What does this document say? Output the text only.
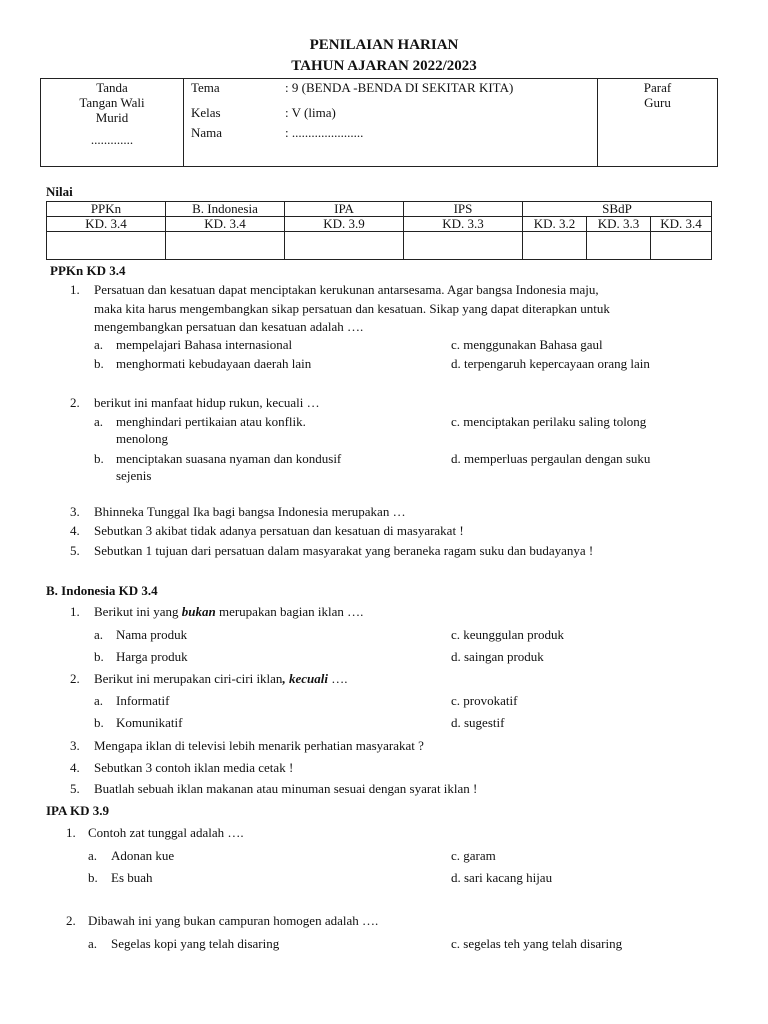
PENILAIAN HARIAN
TAHUN AJARAN 2022/2023
Tanda
Tangan Wali
Murid
.............

Tema	: 9 (BENDA -BENDA DI SEKITAR KITA)
Kelas	: V (lima)
Nama	: ......................

Paraf
Guru
Nilai
PPKn	B. Indonesia	IPA	IPS	SBdP		
KD. 3.4	KD. 3.4	KD. 3.9	KD. 3.3	KD. 3.2	KD. 3.3	KD. 3.4

PPKn KD 3.4
1. Persatuan dan kesatuan dapat menciptakan kerukunan antarsesama. Agar bangsa Indonesia maju,
maka kita harus mengembangkan sikap persatuan dan kesatuan. Sikap yang dapat diterapkan untuk
mengembangkan persatuan dan kesatuan adalah ….
a. mempelajari Bahasa internasional	c. menggunakan Bahasa gaul
b. menghormati kebudayaan daerah lain	d. terpengaruh kepercayaan orang lain
2. berikut ini manfaat hidup rukun, kecuali …
a. menghindari pertikaian atau konflik.	c. menciptakan perilaku saling tolong
menolong
b. menciptakan suasana nyaman dan kondusif	d. memperluas pergaulan dengan suku
sejenis
3. Bhinneka Tunggal Ika bagi bangsa Indonesia merupakan …
4. Sebutkan 3 akibat tidak adanya persatuan dan kesatuan di masyarakat !
5. Sebutkan 1 tujuan dari persatuan dalam masyarakat yang beraneka ragam suku dan budayanya !
B. Indonesia KD 3.4
1. Berikut ini yang bukan merupakan bagian iklan ….
a. Nama produk	c. keunggulan produk
b. Harga produk	d. saingan produk
2. Berikut ini merupakan ciri-ciri iklan, kecuali ….
a. Informatif	c. provokatif
b. Komunikatif	d. sugestif
3. Mengapa iklan di televisi lebih menarik perhatian masyarakat ?
4. Sebutkan 3 contoh iklan media cetak !
5. Buatlah sebuah iklan makanan atau minuman sesuai dengan syarat iklan !
IPA KD 3.9
1. Contoh zat tunggal adalah ….
a. Adonan kue	c. garam
b. Es buah	d. sari kacang hijau
2. Dibawah ini yang bukan campuran homogen adalah ….
a. Segelas kopi yang telah disaring	c. segelas teh yang telah disaring
